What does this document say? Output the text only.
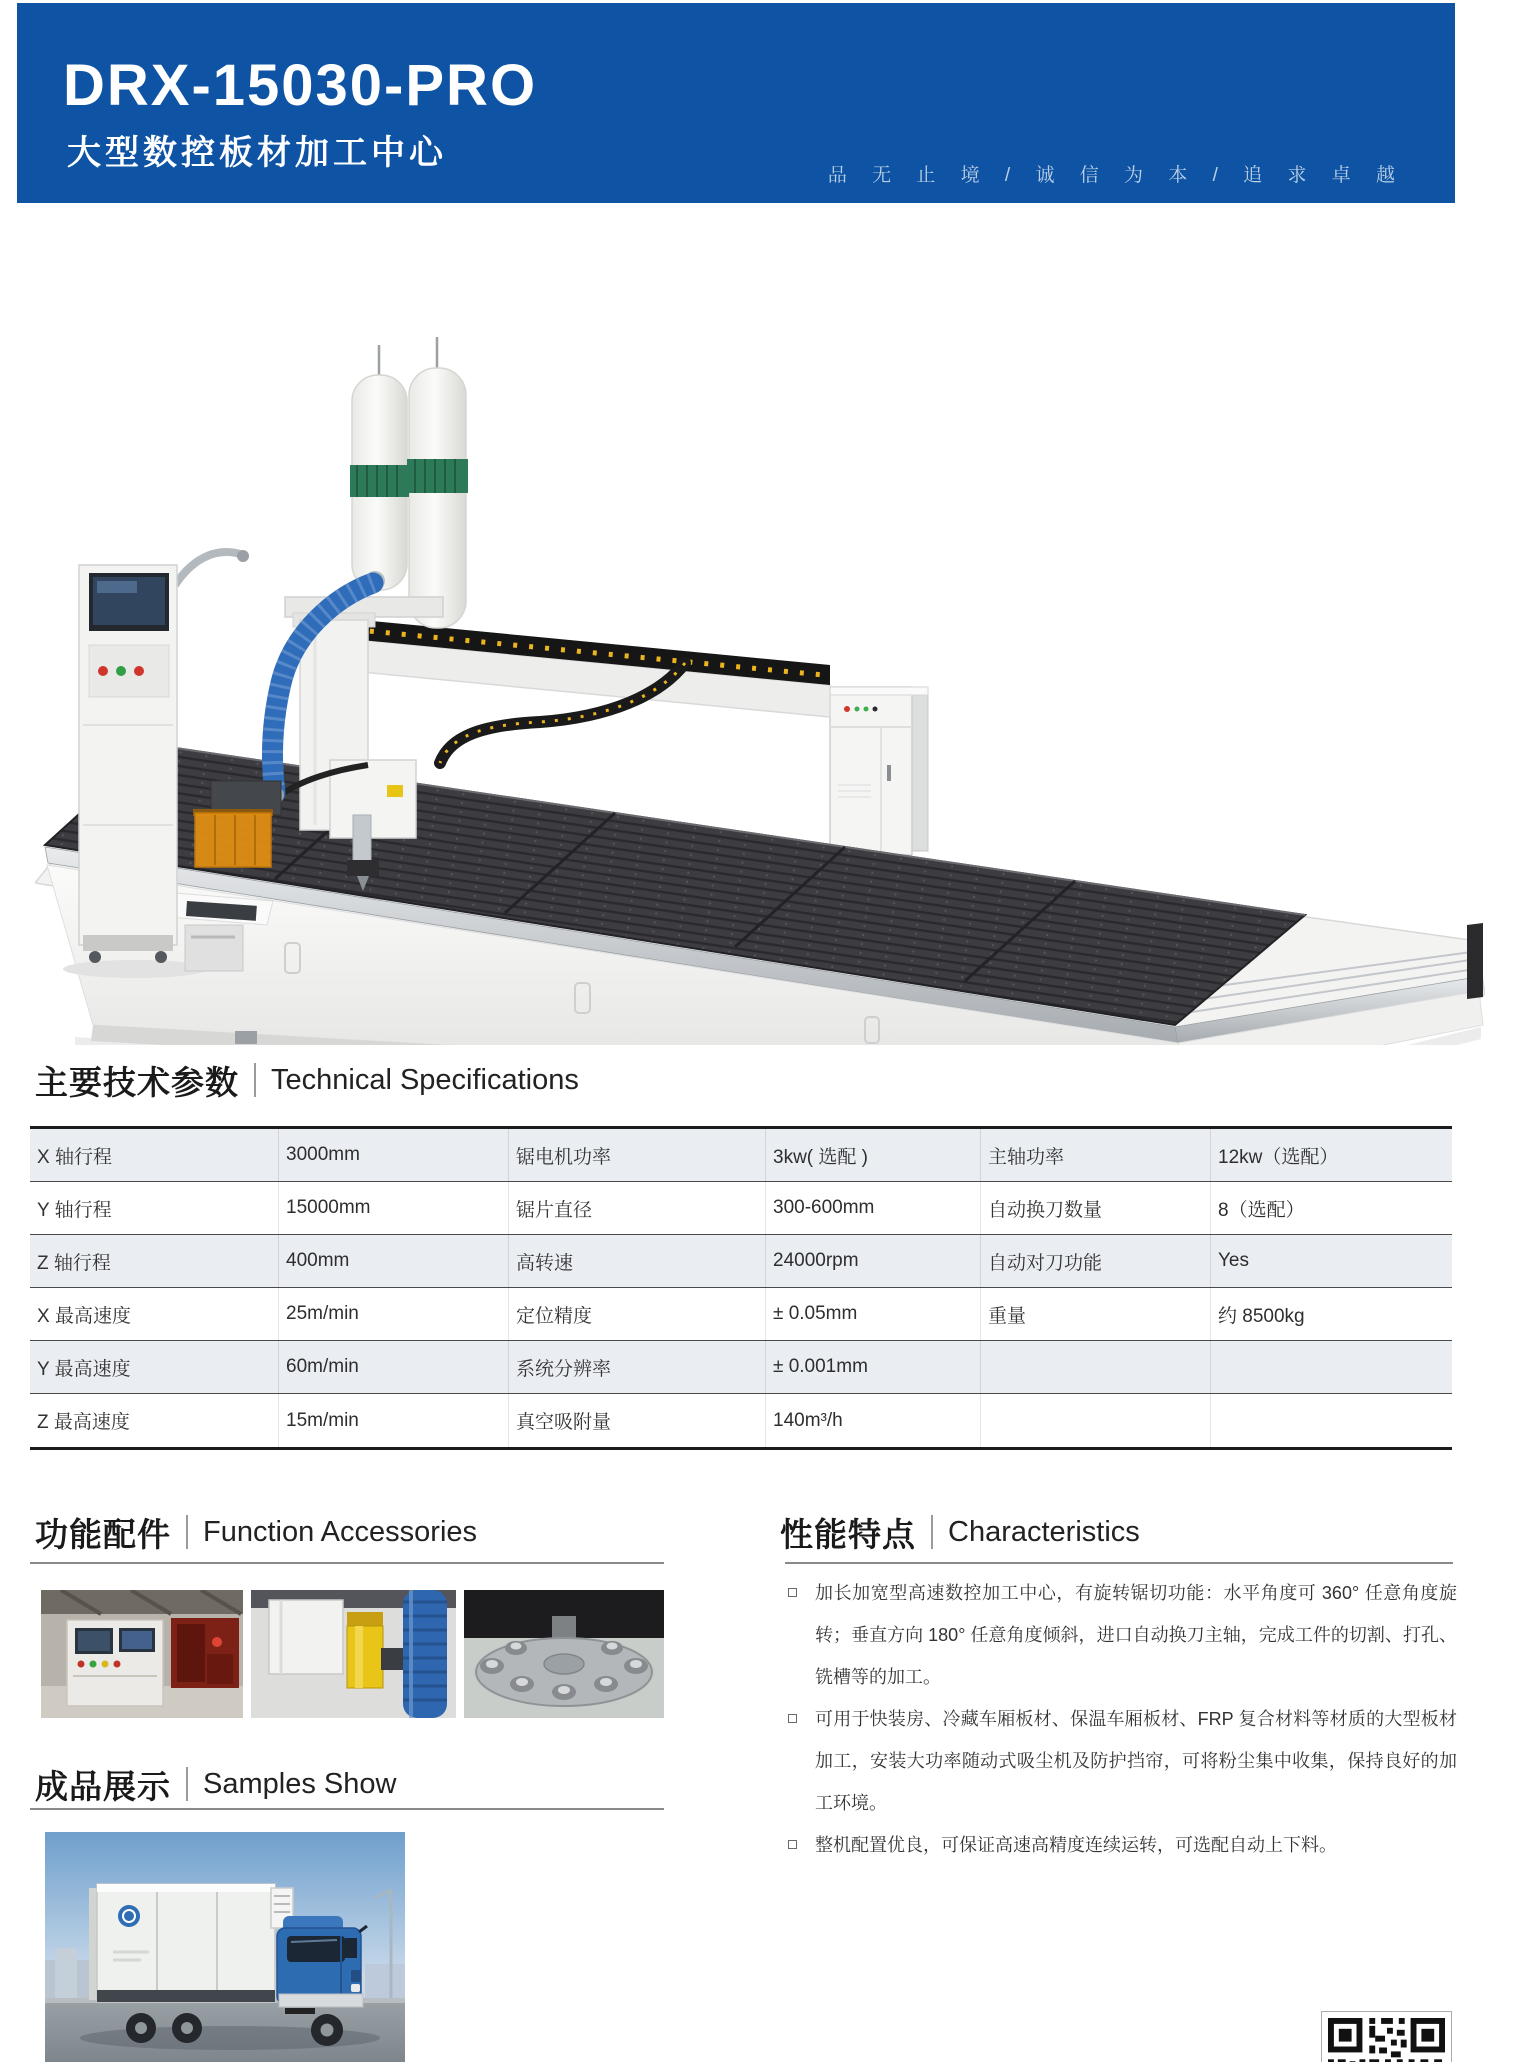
DRX-15030-PRO
大型数控板材加工中心
品 无 止 境 / 诚 信 为 本 / 追 求 卓 越
主要技术参数 Technical Specifications
X 轴行程	3000mm	锯电机功率	3kw( 选配 )	主轴功率	12kw（选配）
Y 轴行程	15000mm	锯片直径	300-600mm	自动换刀数量	8（选配）
Z 轴行程	400mm	高转速	24000rpm	自动对刀功能	Yes
X 最高速度	25m/min	定位精度	± 0.05mm	重量	约 8500kg
Y 最高速度	60m/min	系统分辨率	± 0.001mm
Z 最高速度	15m/min	真空吸附量	140m³/h
功能配件 Function Accessories	性能特点 Characteristics
加长加宽型高速数控加工中心，有旋转锯切功能：水平角度可 360° 任意角度旋转；垂直方向 180° 任意角度倾斜，进口自动换刀主轴，完成工件的切割、打孔、铣槽等的加工。
可用于快装房、冷藏车厢板材、保温车厢板材、FRP 复合材料等材质的大型板材加工，安装大功率随动式吸尘机及防护挡帘，可将粉尘集中收集，保持良好的加工环境。
整机配置优良，可保证高速高精度连续运转，可选配自动上下料。
成品展示 Samples Show
